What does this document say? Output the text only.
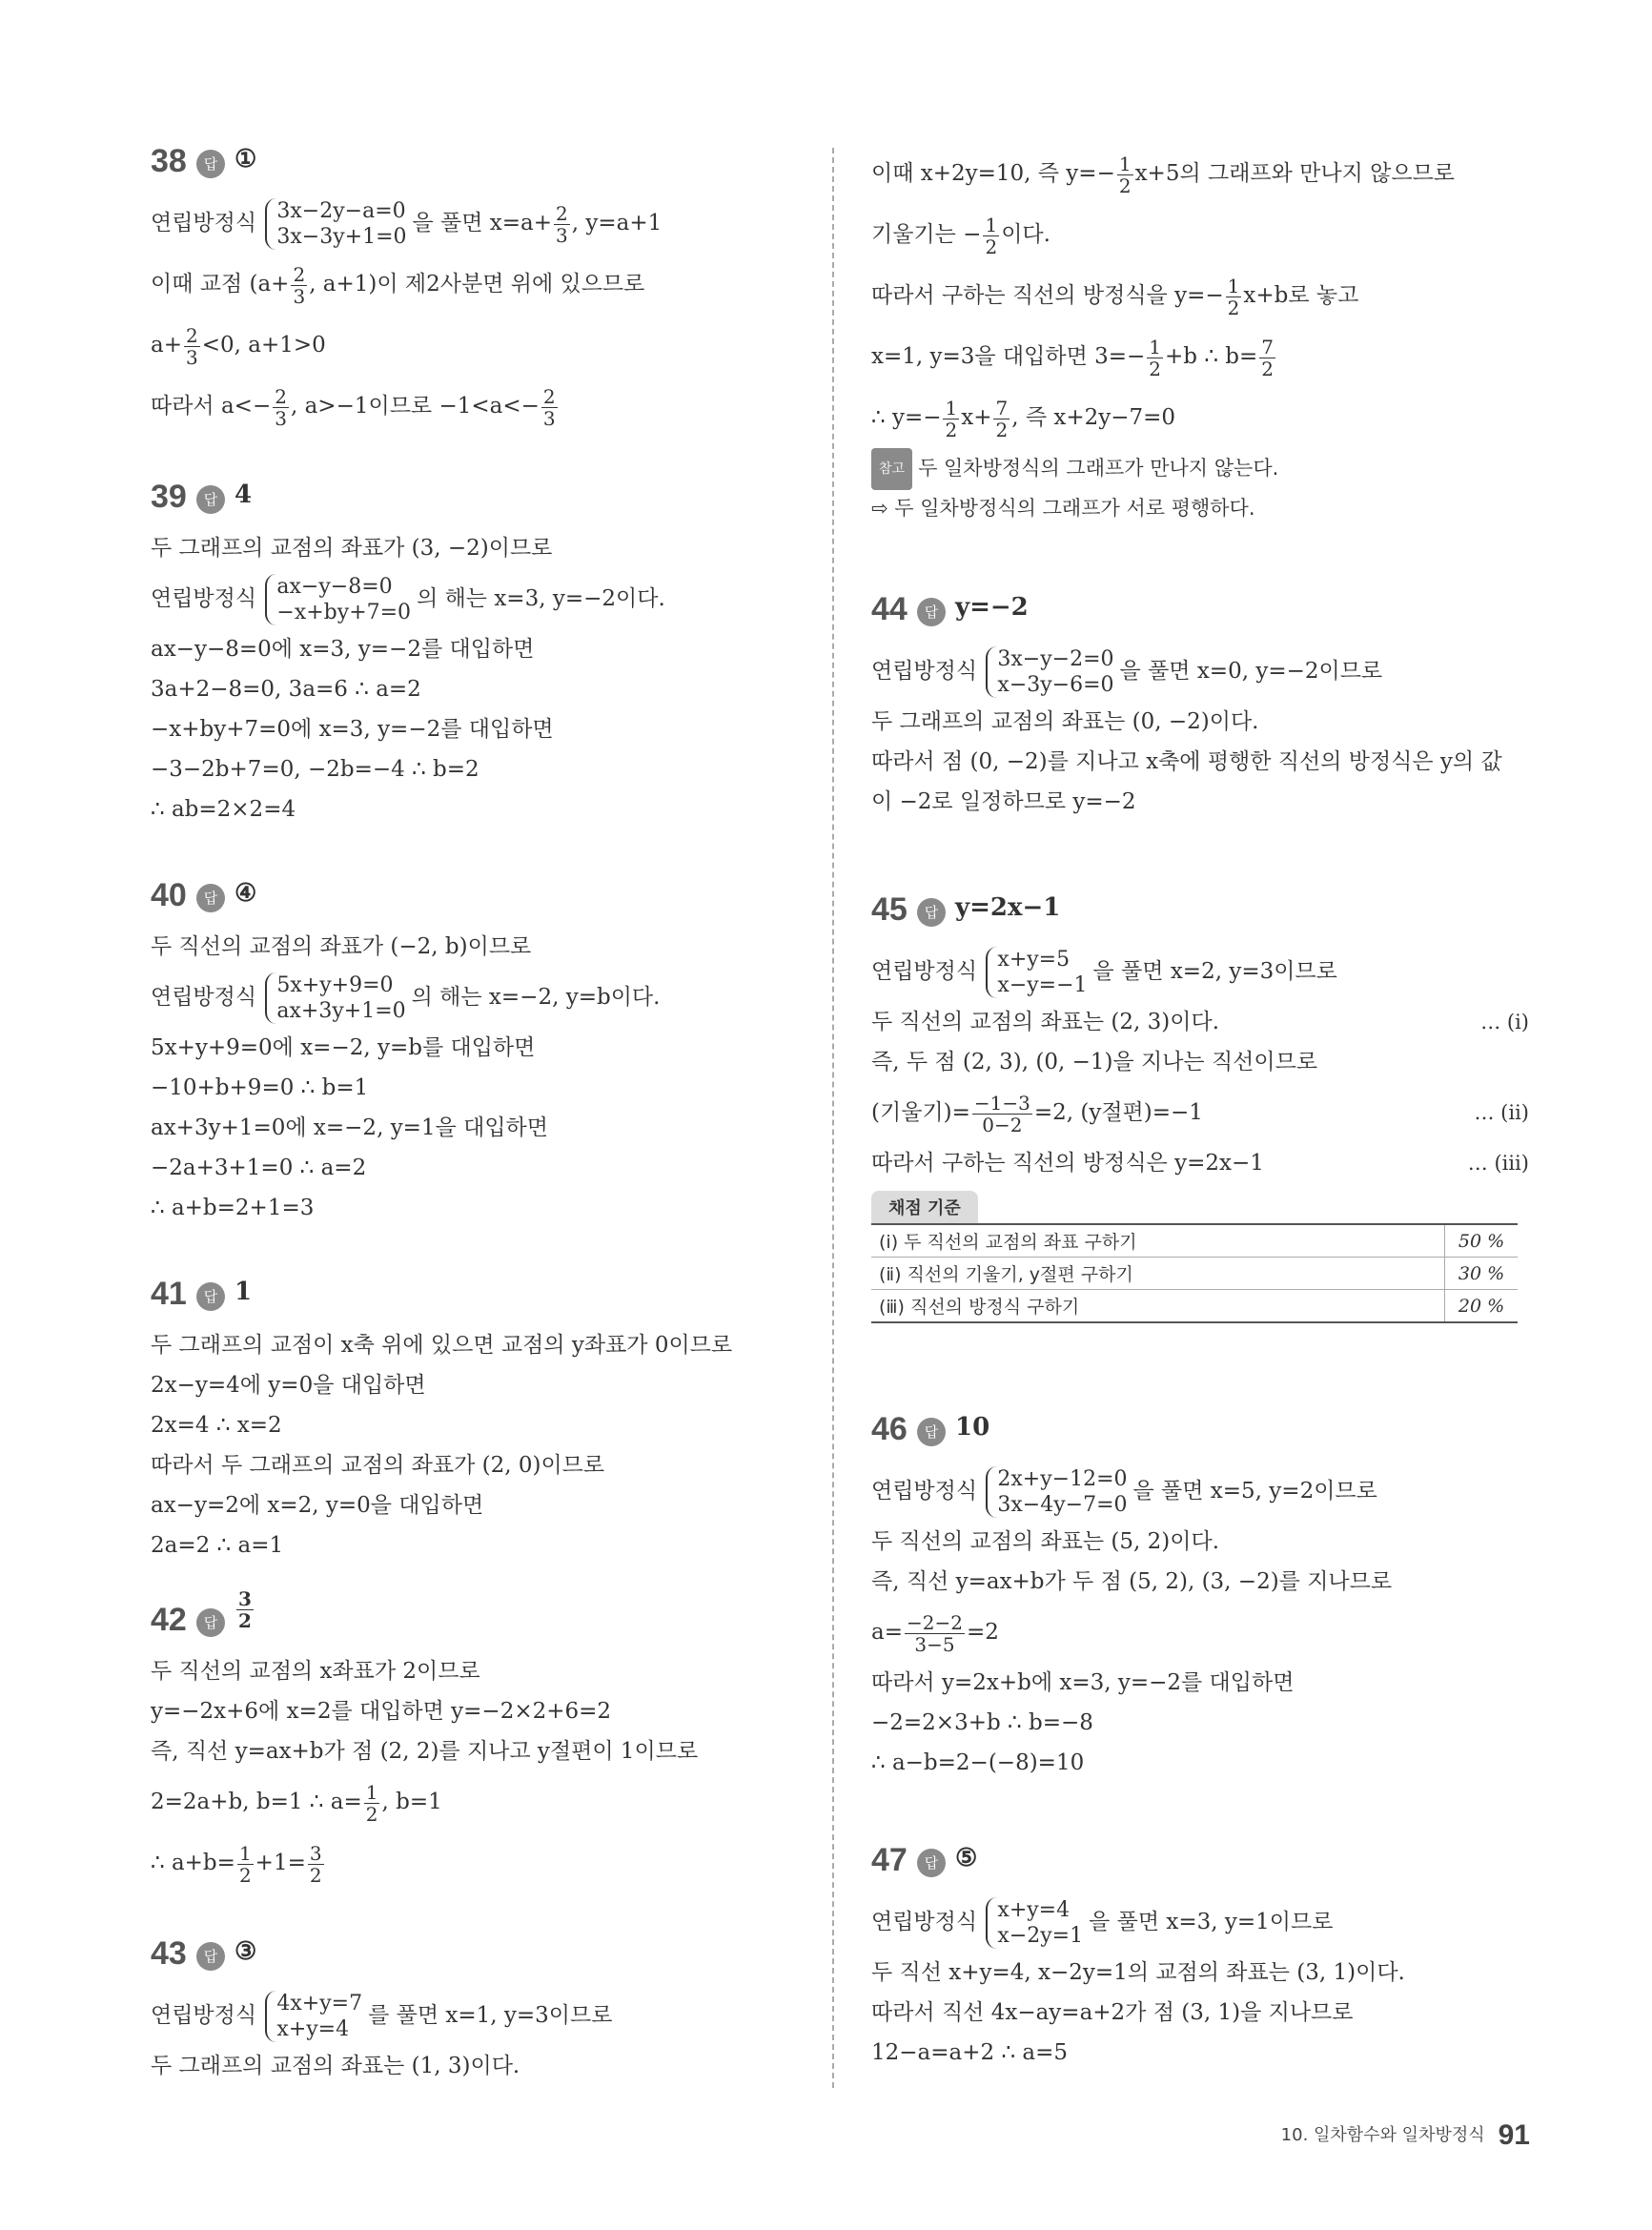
38	답 ①
연립방정식 3x−2y−a=0
3x−3y+1=0
을 풀면 $x=a+ \frac{2}{3}$ , y=a+1
이때 교점 ($a+ \frac{2}{3}$ , a+1)이 제2사분면 위에 있으므로
$a+ \frac{2}{3} <0$, a+1>0
따라서 $a<- \frac{2}{3}$ , a>−1이므로 $-1<a<- \frac{2}{3}$
39	답 4
두 그래프의 교점의 좌표가 (3, −2)이므로
연립방정식 ax−y−8=0
−x+by+7=0
의 해는 x=3, y=−2이다.
ax−y−8=0에 x=3, y=−2를 대입하면
3a+2−8=0, 3a=6 ∴ a=2
−x+by+7=0에 x=3, y=−2를 대입하면
−3−2b+7=0, −2b=−4 ∴ b=2
∴ ab=2×2=4
40	답 ④
두 직선의 교점의 좌표가 (−2, b)이므로
연립방정식 5x+y+9=0
ax+3y+1=0
의 해는 x=−2, y=b이다.
5x+y+9=0에 x=−2, y=b를 대입하면
−10+b+9=0 ∴ b=1
ax+3y+1=0에 x=−2, y=1을 대입하면
−2a+3+1=0 ∴ a=2
∴ a+b=2+1=3
41	답 1
두 그래프의 교점이 x축 위에 있으면 교점의 y좌표가 0이므로
2x−y=4에 y=0을 대입하면
2x=4 ∴ x=2
따라서 두 그래프의 교점의 좌표가 (2, 0)이므로
ax−y=2에 x=2, y=0을 대입하면
2a=2 ∴ a=1
42	답 $\frac{3}{2}$
두 직선의 교점의 x좌표가 2이므로
y=−2x+6에 x=2를 대입하면 y=−2×2+6=2
즉, 직선 y=ax+b가 점 (2, 2)를 지나고 y절편이 1이므로
2=2a+b, b=1 ∴ $a= \frac{1}{2}$ , b=1
∴ $a+b= \frac{1}{2} +1= \frac{3}{2}$
43	답 ③
연립방정식 4x+y=7
x+y=4
를 풀면 x=1, y=3이므로
두 그래프의 교점의 좌표는 (1, 3)이다.
이때 x+2y=10, 즉 $y=- \frac{1}{2} x+5$의 그래프와 만나지 않으므로
기울기는 − $\frac{1}{2}$ 이다.
따라서 구하는 직선의 방정식을 $y=- \frac{1}{2} x+b$로 놓고
x=1, y=3을 대입하면 $3=- \frac{1}{2} +b$ ∴ $b= \frac{7}{2}$
∴ $y=- \frac{1}{2} x+ \frac{7}{2}$ , 즉 x+2y−7=0
참고 두 일차방정식의 그래프가 만나지 않는다.
⇨ 두 일차방정식의 그래프가 서로 평행하다.
44	답 y=−2
연립방정식 3x−y−2=0
x−3y−6=0
을 풀면 x=0, y=−2이므로
두 그래프의 교점의 좌표는 (0, −2)이다.
따라서 점 (0, −2)를 지나고 x축에 평행한 직선의 방정식은 y의 값
이 −2로 일정하므로 y=−2
45	답 y=2x−1
연립방정식 x+y=5
x−y=−1
을 풀면 x=2, y=3이므로
두 직선의 교점의 좌표는 (2, 3)이다.	… (ⅰ)
즉, 두 점 (2, 3), (0, −1)을 지나는 직선이므로
(기울기)= $\frac{-1-3}{0-2} =2$, (y절편)=−1	… (ⅱ)
따라서 구하는 직선의 방정식은 y=2x−1	… (ⅲ)
채점 기준
(ⅰ) 두 직선의 교점의 좌표 구하기	50 %
(ⅱ) 직선의 기울기, y절편 구하기	30 %
(ⅲ) 직선의 방정식 구하기	20 %
46	답 10
연립방정식 2x+y−12=0
3x−4y−7=0
을 풀면 x=5, y=2이므로
두 직선의 교점의 좌표는 (5, 2)이다.
즉, 직선 y=ax+b가 두 점 (5, 2), (3, −2)를 지나므로
$a= \frac{-2-2}{3-5} =2$
따라서 y=2x+b에 x=3, y=−2를 대입하면
−2=2×3+b ∴ b=−8
∴ a−b=2−(−8)=10
47	답 ⑤
연립방정식 x+y=4
x−2y=1
을 풀면 x=3, y=1이므로
두 직선 x+y=4, x−2y=1의 교점의 좌표는 (3, 1)이다.
따라서 직선 4x−ay=a+2가 점 (3, 1)을 지나므로
12−a=a+2 ∴ a=5
10. 일차함수와 일차방정식 91
